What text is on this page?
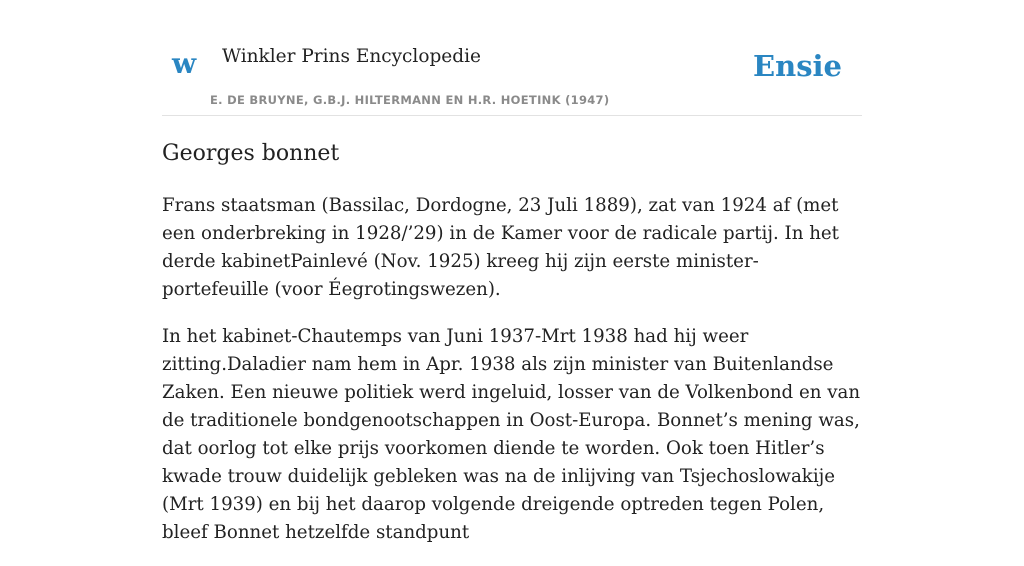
w Winkler Prins Encyclopedie
E. DE BRUYNE, G.B.J. HILTERMANN EN H.R. HOETINK (1947)
Ensie
Georges bonnet

Frans staatsman (Bassilac, Dordogne, 23 Juli 1889), zat van 1924 af (met een onderbreking in 1928/’29) in de Kamer voor de radicale partij. In het derde kabinetPainlevé (Nov. 1925) kreeg hij zijn eerste minister-portefeuille (voor Éegrotingswezen).

In het kabinet-Chautemps van Juni 1937-Mrt 1938 had hij weer zitting.Daladier nam hem in Apr. 1938 als zijn minister van Buitenlandse Zaken. Een nieuwe politiek werd ingeluid, losser van de Volkenbond en van de traditionele bondgenootschappen in Oost-Europa. Bonnet’s mening was, dat oorlog tot elke prijs voorkomen diende te worden. Ook toen Hitler’s kwade trouw duidelijk gebleken was na de inlijving van Tsjechoslowakije (Mrt 1939) en bij het daarop volgende dreigende optreden tegen Polen, bleef Bonnet hetzelfde standpunt
